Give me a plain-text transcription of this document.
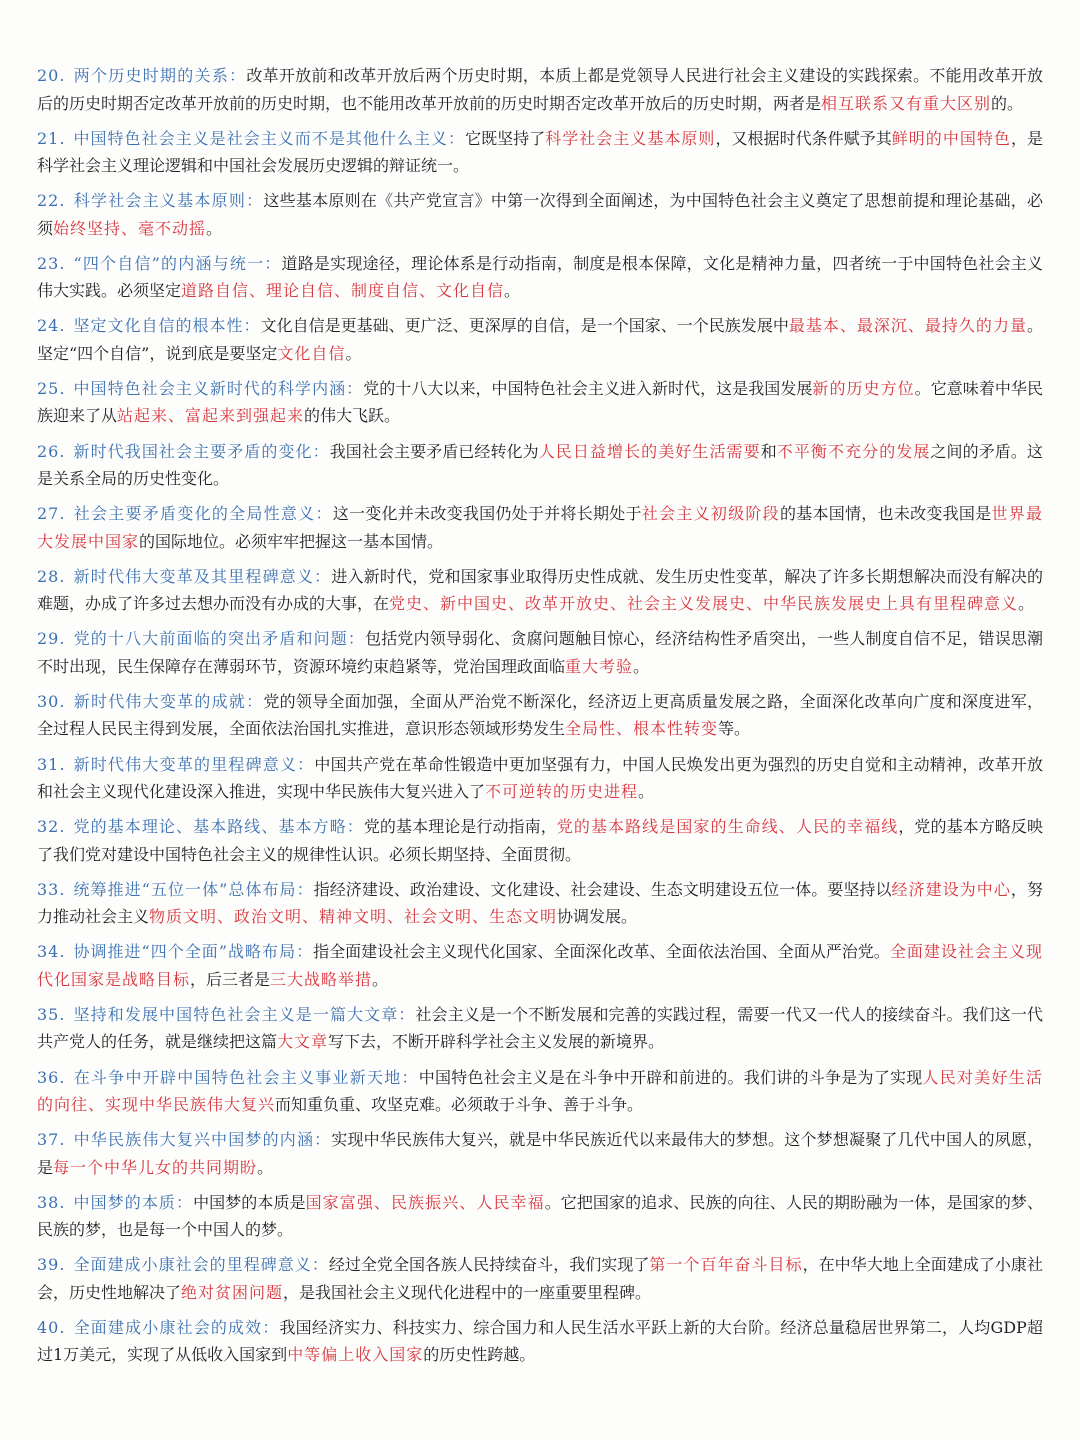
20. 两个历史时期的关系：改革开放前和改革开放后两个历史时期，本质上都是党领导人民进行社会主义建设的实践探索。不能用改革开放后的历史时期否定改革开放前的历史时期，也不能用改革开放前的历史时期否定改革开放后的历史时期，两者是相互联系又有重大区别的。

21. 中国特色社会主义是社会主义而不是其他什么主义：它既坚持了科学社会主义基本原则，又根据时代条件赋予其鲜明的中国特色，是科学社会主义理论逻辑和中国社会发展历史逻辑的辩证统一。

22. 科学社会主义基本原则：这些基本原则在《共产党宣言》中第一次得到全面阐述，为中国特色社会主义奠定了思想前提和理论基础，必须始终坚持、毫不动摇。

23. “四个自信”的内涵与统一：道路是实现途径，理论体系是行动指南，制度是根本保障，文化是精神力量，四者统一于中国特色社会主义伟大实践。必须坚定道路自信、理论自信、制度自信、文化自信。

24. 坚定文化自信的根本性：文化自信是更基础、更广泛、更深厚的自信，是一个国家、一个民族发展中最基本、最深沉、最持久的力量。坚定“四个自信”，说到底是要坚定文化自信。

25. 中国特色社会主义新时代的科学内涵：党的十八大以来，中国特色社会主义进入新时代，这是我国发展新的历史方位。它意味着中华民族迎来了从站起来、富起来到强起来的伟大飞跃。

26. 新时代我国社会主要矛盾的变化：我国社会主要矛盾已经转化为人民日益增长的美好生活需要和不平衡不充分的发展之间的矛盾。这是关系全局的历史性变化。

27. 社会主要矛盾变化的全局性意义：这一变化并未改变我国仍处于并将长期处于社会主义初级阶段的基本国情，也未改变我国是世界最大发展中国家的国际地位。必须牢牢把握这一基本国情。

28. 新时代伟大变革及其里程碑意义：进入新时代，党和国家事业取得历史性成就、发生历史性变革，解决了许多长期想解决而没有解决的难题，办成了许多过去想办而没有办成的大事，在党史、新中国史、改革开放史、社会主义发展史、中华民族发展史上具有里程碑意义。

29. 党的十八大前面临的突出矛盾和问题：包括党内领导弱化、贪腐问题触目惊心，经济结构性矛盾突出，一些人制度自信不足，错误思潮不时出现，民生保障存在薄弱环节，资源环境约束趋紧等，党治国理政面临重大考验。

30. 新时代伟大变革的成就：党的领导全面加强，全面从严治党不断深化，经济迈上更高质量发展之路，全面深化改革向广度和深度进军，全过程人民民主得到发展，全面依法治国扎实推进，意识形态领域形势发生全局性、根本性转变等。

31. 新时代伟大变革的里程碑意义：中国共产党在革命性锻造中更加坚强有力，中国人民焕发出更为强烈的历史自觉和主动精神，改革开放和社会主义现代化建设深入推进，实现中华民族伟大复兴进入了不可逆转的历史进程。

32. 党的基本理论、基本路线、基本方略：党的基本理论是行动指南，党的基本路线是国家的生命线、人民的幸福线，党的基本方略反映了我们党对建设中国特色社会主义的规律性认识。必须长期坚持、全面贯彻。

33. 统筹推进“五位一体”总体布局：指经济建设、政治建设、文化建设、社会建设、生态文明建设五位一体。要坚持以经济建设为中心，努力推动社会主义物质文明、政治文明、精神文明、社会文明、生态文明协调发展。

34. 协调推进“四个全面”战略布局：指全面建设社会主义现代化国家、全面深化改革、全面依法治国、全面从严治党。全面建设社会主义现代化国家是战略目标，后三者是三大战略举措。

35. 坚持和发展中国特色社会主义是一篇大文章：社会主义是一个不断发展和完善的实践过程，需要一代又一代人的接续奋斗。我们这一代共产党人的任务，就是继续把这篇大文章写下去，不断开辟科学社会主义发展的新境界。

36. 在斗争中开辟中国特色社会主义事业新天地：中国特色社会主义是在斗争中开辟和前进的。我们讲的斗争是为了实现人民对美好生活的向往、实现中华民族伟大复兴而知重负重、攻坚克难。必须敢于斗争、善于斗争。

37. 中华民族伟大复兴中国梦的内涵：实现中华民族伟大复兴，就是中华民族近代以来最伟大的梦想。这个梦想凝聚了几代中国人的夙愿，是每一个中华儿女的共同期盼。

38. 中国梦的本质：中国梦的本质是国家富强、民族振兴、人民幸福。它把国家的追求、民族的向往、人民的期盼融为一体，是国家的梦、民族的梦，也是每一个中国人的梦。

39. 全面建成小康社会的里程碑意义：经过全党全国各族人民持续奋斗，我们实现了第一个百年奋斗目标，在中华大地上全面建成了小康社会，历史性地解决了绝对贫困问题，是我国社会主义现代化进程中的一座重要里程碑。

40. 全面建成小康社会的成效：我国经济实力、科技实力、综合国力和人民生活水平跃上新的大台阶。经济总量稳居世界第二，人均GDP超过1万美元，实现了从低收入国家到中等偏上收入国家的历史性跨越。
